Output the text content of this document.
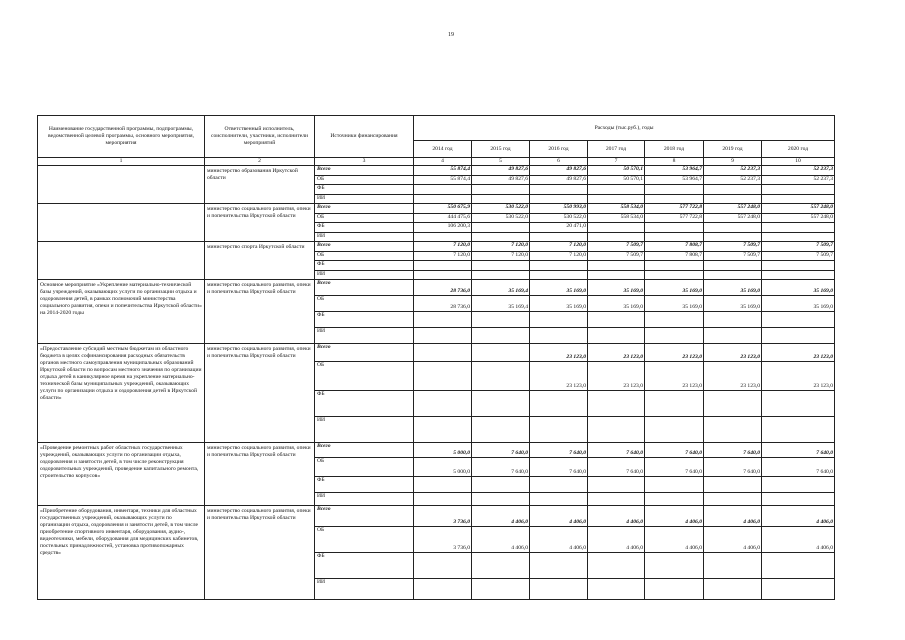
19
Наименование государственной программы, подпрограммы, ведомственной целевой программы, основного мероприятия, мероприятия	Ответственный исполнитель, соисполнители, участники, исполнители мероприятий	Источники финансирования	Расходы (тыс.руб.), годы						
			2014 год	2015 год	2016 год	2017 год	2018 год	2019 год	2020 год
1	2	3	4	5	6	7	8	9	10
	министерство образования Иркутской области	Всего	55 874,4	49 827,6	49 827,6	50 570,1	53 964,7	52 237,3	52 237,3
		ОБ	55 874,4	49 827,6	49 827,6	50 570,1	53 964,7	52 237,3	52 237,3
		ФБ							
		ИИ							
	министерство социального развития, опеки и попечительства Иркутской области	Всего	550 675,9	530 522,0	550 993,0	558 534,0	577 722,8	557 248,0	557 248,0
		ОБ	444 475,6	530 522,0	530 522,0	558 534,0	577 722,8	557 248,0	557 248,0
		ФБ	106 200,3		20 471,0				
		ИИ							
	министерство спорта Иркутской области	Всего	7 120,0	7 120,0	7 120,0	7 509,7	7 808,7	7 509,7	7 509,7
		ОБ	7 120,0	7 120,0	7 120,0	7 509,7	7 808,7	7 509,7	7 509,7
		ФБ							
		ИИ							
Основное мероприятие «Укрепление материально-технической базы учреждений, оказывающих услуги по организации отдыха и оздоровления детей, в рамках полномочий министерства социального развития, опеки и попечительства Иркутской области» на 2014-2020 годы	министерство социального развития, опеки и попечительства Иркутской области	Всего	28 736,0	35 169,4	35 169,0	35 169,0	35 169,0	35 169,0	35 169,0
		ОБ	28 736,0	35 169,4	35 169,0	35 169,0	35 169,0	35 169,0	35 169,0
		ФБ							
		ИИ							
«Предоставление субсидий местным бюджетам из областного бюджета в целях софинансирования расходных обязательств органов местного самоуправления муниципальных образований Иркутской области по вопросам местного значения по организации отдыха детей в каникулярное время на укрепление материально-технической базы муниципальных учреждений, оказывающих услуги по организации отдыха и оздоровления детей в Иркутской области»	министерство социального развития, опеки и попечительства Иркутской области	Всего			23 123,0	23 123,0	23 123,0	23 123,0	23 123,0
		ОБ			23 123,0	23 123,0	23 123,0	23 123,0	23 123,0
		ФБ							
		ИИ							
«Проведение ремонтных работ областных государственных учреждений, оказывающих услуги по организации отдыха, оздоровления и занятости детей, в том числе реконструкция оздоровительных учреждений, проведение капитального ремонта, строительство корпусов»	министерство социального развития, опеки и попечительства Иркутской области	Всего	5 000,0	7 640,0	7 640,0	7 640,0	7 640,0	7 640,0	7 640,0
		ОБ	5 000,0	7 640,0	7 640,0	7 640,0	7 640,0	7 640,0	7 640,0
		ФБ							
		ИИ							
«Приобретение оборудования, инвентаря, техники для областных государственных учреждений, оказывающих услуги по организации отдыха, оздоровления и занятости детей, в том числе приобретение спортивного инвентаря, оборудования, аудио-, видеотехники, мебели, оборудования для медицинских кабинетов, постельных принадлежностей, установка противопожарных средств»	министерство социального развития, опеки и попечительства Иркутской области	Всего	3 736,0	4 406,0	4 406,0	4 406,0	4 406,0	4 406,0	4 406,0
		ОБ	3 736,0	4 406,0	4 406,0	4 406,0	4 406,0	4 406,0	4 406,0
		ФБ							
		ИИ							
